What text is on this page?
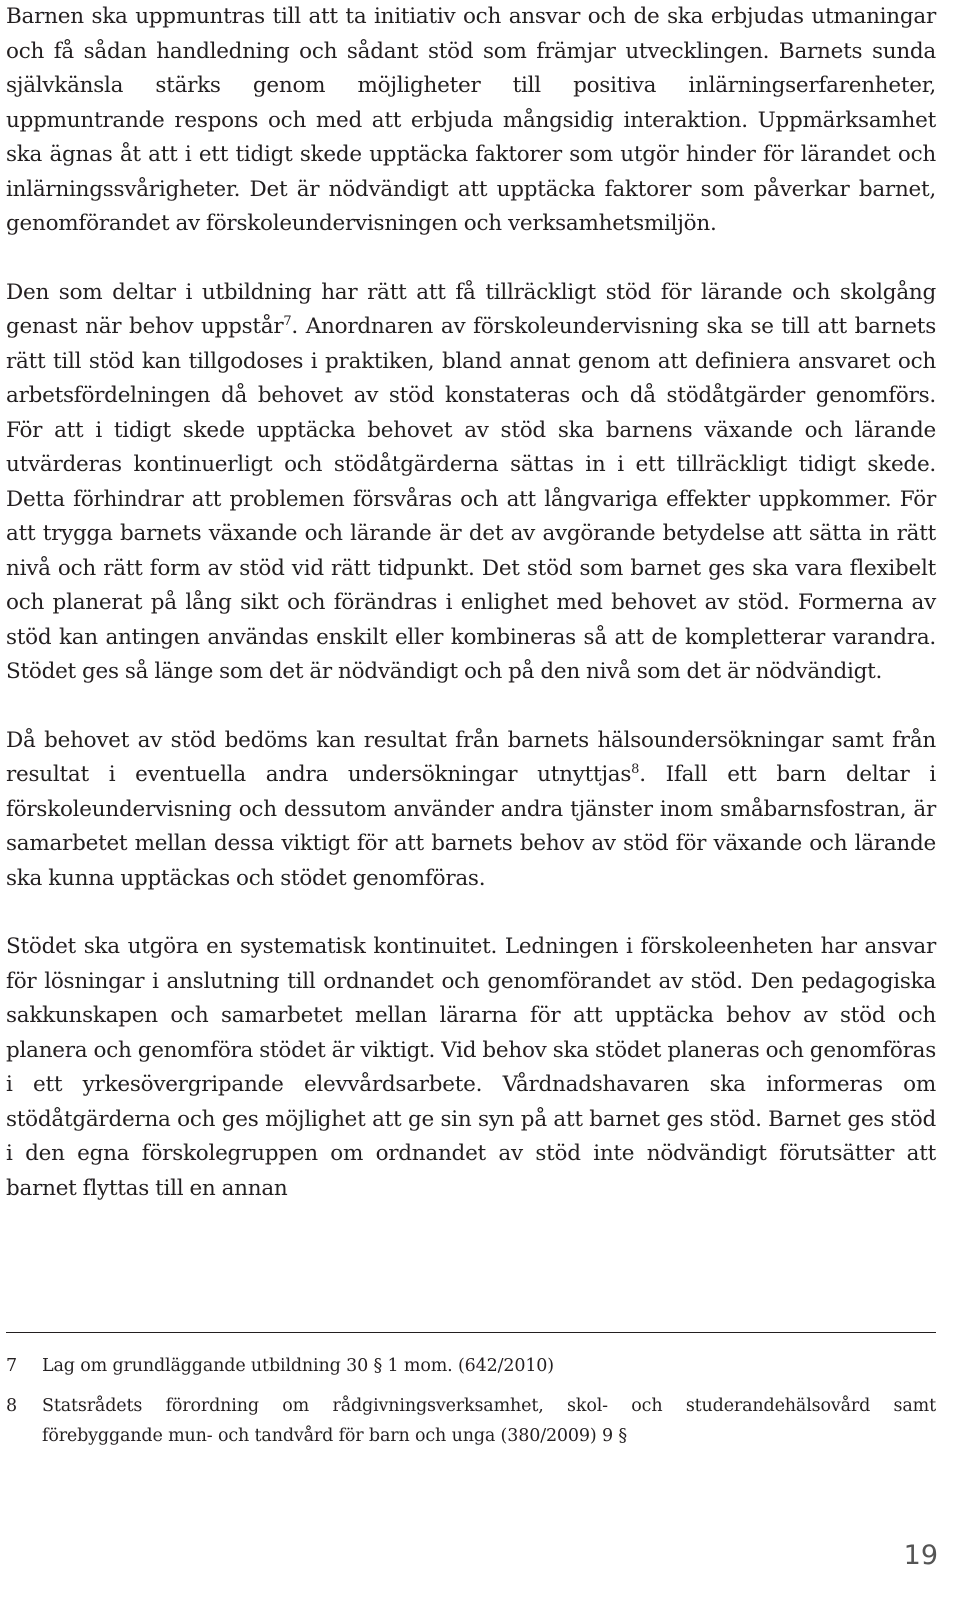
Barnen ska uppmuntras till att ta initiativ och ansvar och de ska erbjudas utmaningar och få sådan handledning och sådant stöd som främjar utvecklingen. Barnets sunda självkänsla stärks genom möjligheter till positiva inlärningserfarenheter, uppmuntrande respons och med att erbjuda mångsidig interaktion. Uppmärksamhet ska ägnas åt att i ett tidigt skede upptäcka faktorer som utgör hinder för lärandet och inlärningssvårigheter. Det är nödvändigt att upptäcka faktorer som påverkar barnet, genomförandet av förskoleundervisningen och verksamhetsmiljön.

Den som deltar i utbildning har rätt att få tillräckligt stöd för lärande och skolgång genast när behov uppstår$^7$. Anordnaren av förskoleundervisning ska se till att barnets rätt till stöd kan tillgodoses i praktiken, bland annat genom att definiera ansvaret och arbetsfördelningen då behovet av stöd konstateras och då stödåtgärder genomförs. För att i tidigt skede upptäcka behovet av stöd ska barnens växande och lärande utvärderas kontinuerligt och stödåtgärderna sättas in i ett tillräckligt tidigt skede. Detta förhindrar att problemen försvåras och att långvariga effekter uppkommer. För att trygga barnets växande och lärande är det av avgörande betydelse att sätta in rätt nivå och rätt form av stöd vid rätt tidpunkt. Det stöd som barnet ges ska vara flexibelt och planerat på lång sikt och förändras i enlighet med behovet av stöd. Formerna av stöd kan antingen användas enskilt eller kombineras så att de kompletterar varandra. Stödet ges så länge som det är nödvändigt och på den nivå som det är nödvändigt.

Då behovet av stöd bedöms kan resultat från barnets hälsoundersökningar samt från resultat i eventuella andra undersökningar utnyttjas$^8$. Ifall ett barn deltar i förskoleundervisning och dessutom använder andra tjänster inom småbarnsfostran, är samarbetet mellan dessa viktigt för att barnets behov av stöd för växande och lärande ska kunna upptäckas och stödet genomföras.

Stödet ska utgöra en systematisk kontinuitet. Ledningen i förskoleenheten har ansvar för lösningar i anslutning till ordnandet och genomförandet av stöd. Den pedagogiska sakkunskapen och samarbetet mellan lärarna för att upptäcka behov av stöd och planera och genomföra stödet är viktigt. Vid behov ska stödet planeras och genomföras i ett yrkesövergripande elevvårdsarbete. Vårdnadshavaren ska informeras om stödåtgärderna och ges möjlighet att ge sin syn på att barnet ges stöd. Barnet ges stöd i den egna förskolegruppen om ordnandet av stöd inte nödvändigt förutsätter att barnet flyttas till en annan

7	Lag om grundläggande utbildning 30 § 1 mom. (642/2010)
8	Statsrådets förordning om rådgivningsverksamhet, skol- och studerandehälsovård samt förebyggande mun- och tandvård för barn och unga (380/2009) 9 §
19
